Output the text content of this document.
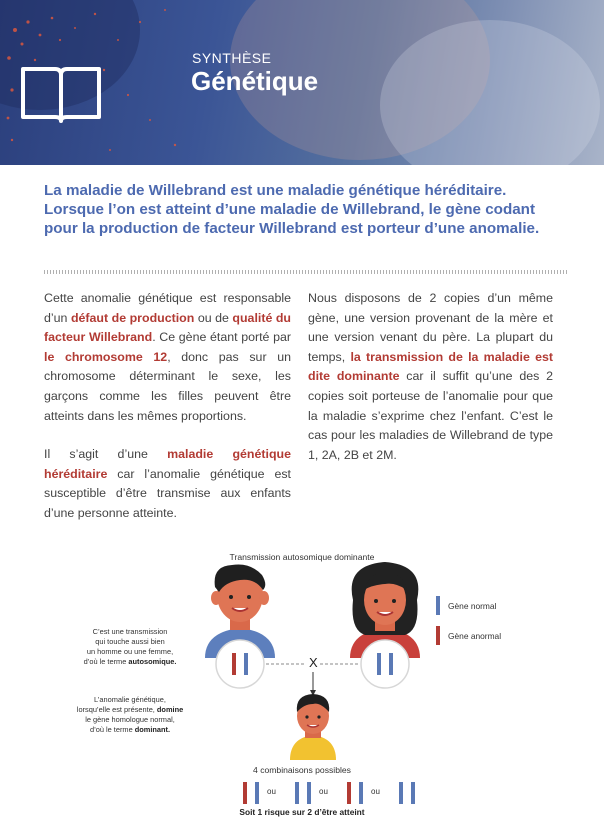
SYNTHÈSE
Génétique
La maladie de Willebrand est une maladie génétique héréditaire. Lorsque l’on est atteint d’une maladie de Willebrand, le gène codant pour la production de facteur Willebrand est porteur d’une anomalie.

Cette anomalie génétique est responsable d’un défaut de production ou de qualité du facteur Willebrand. Ce gène étant porté par le chromosome 12, donc pas sur un chromosome déterminant le sexe, les garçons comme les filles peuvent être atteints dans les mêmes proportions.

Il s’agit d’une maladie génétique héréditaire car l’anomalie génétique est susceptible d’être transmise aux enfants d’une personne atteinte.

Nous disposons de 2 copies d’un même gène, une version provenant de la mère et une version venant du père. La plupart du temps, la transmission de la maladie est dite dominante car il suffit qu’une des 2 copies soit porteuse de l’anomalie pour que la maladie s’exprime chez l’enfant. C’est le cas pour les maladies de Willebrand de type 1, 2A, 2B et 2M.

Transmission autosomique dominante
X
C’est une transmission
qui touche aussi bien
un homme ou une femme,
d’où le terme autosomique.
L’anomalie génétique,
lorsqu’elle est présente, domine
le gène homologue normal,
d’où le terme dominant.
Gène normal
Gène anormal
4 combinaisons possibles
ou	ou	ou
Soit 1 risque sur 2 d’être atteint
